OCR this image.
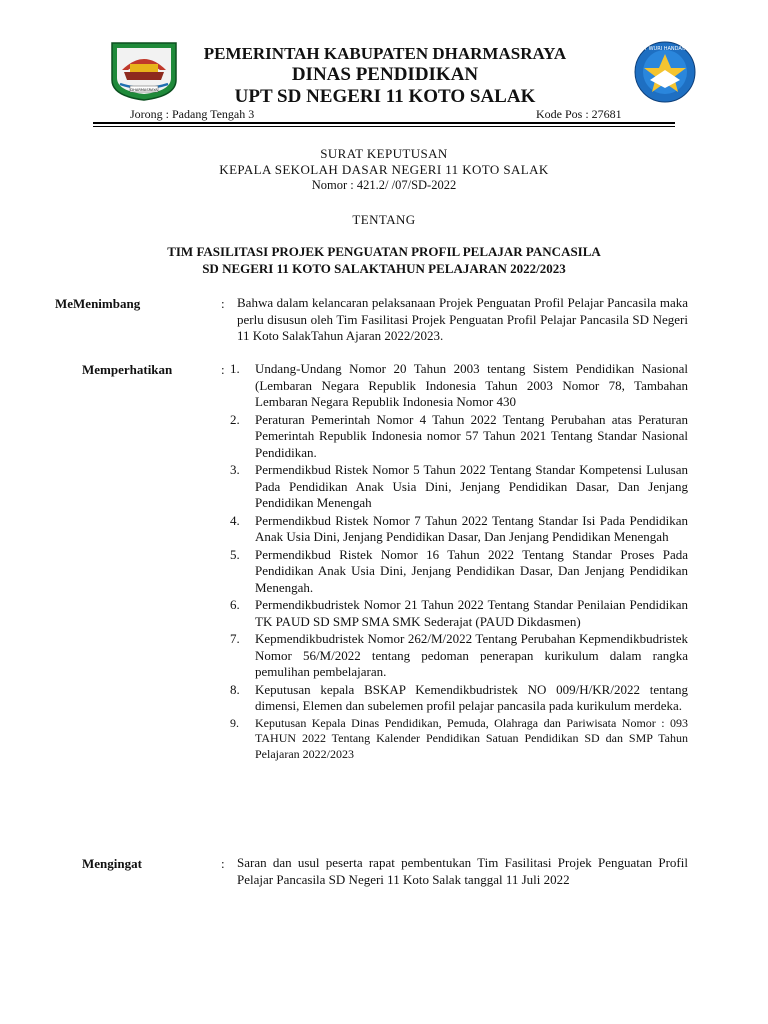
DHARMASRAYA
PEMERINTAH KABUPATEN DHARMASRAYA
DINAS PENDIDIKAN
UPT SD NEGERI 11 KOTO SALAK
TUT WURI HANDAYANI
Jorong : Padang Tengah 3	Kode Pos : 27681
SURAT KEPUTUSAN
KEPALA SEKOLAH DASAR NEGERI 11 KOTO SALAK
Nomor : 421.2/ /07/SD-2022
TENTANG
TIM FASILITASI PROJEK PENGUATAN PROFIL PELAJAR PANCASILA
SD NEGERI 11 KOTO SALAKTAHUN PELAJARAN 2022/2023
MeMenimbang	: Bahwa dalam kelancaran pelaksanaan Projek Penguatan Profil Pelajar Pancasila maka perlu disusun oleh Tim Fasilitasi Projek Penguatan Profil Pelajar Pancasila SD Negeri 11 Koto SalakTahun Ajaran 2022/2023.
Memperhatikan	: 1. Undang-Undang Nomor 20 Tahun 2003 tentang Sistem Pendidikan Nasional (Lembaran Negara Republik Indonesia Tahun 2003 Nomor 78, Tambahan Lembaran Negara Republik Indonesia Nomor 430
2. Peraturan Pemerintah Nomor 4 Tahun 2022 Tentang Perubahan atas Peraturan Pemerintah Republik Indonesia nomor 57 Tahun 2021 Tentang Standar Nasional Pendidikan.
3. Permendikbud Ristek Nomor 5 Tahun 2022 Tentang Standar Kompetensi Lulusan Pada Pendidikan Anak Usia Dini, Jenjang Pendidikan Dasar, Dan Jenjang Pendidikan Menengah
4. Permendikbud Ristek Nomor 7 Tahun 2022 Tentang Standar Isi Pada Pendidikan Anak Usia Dini, Jenjang Pendidikan Dasar, Dan Jenjang Pendidikan Menengah
5. Permendikbud Ristek Nomor 16 Tahun 2022 Tentang Standar Proses Pada Pendidikan Anak Usia Dini, Jenjang Pendidikan Dasar, Dan Jenjang Pendidikan Menengah.
6. Permendikbudristek Nomor 21 Tahun 2022 Tentang Standar Penilaian Pendidikan TK PAUD SD SMP SMA SMK Sederajat (PAUD Dikdasmen)
7. Kepmendikbudristek Nomor 262/M/2022 Tentang Perubahan Kepmendikbudristek Nomor 56/M/2022 tentang pedoman penerapan kurikulum dalam rangka pemulihan pembelajaran.
8. Keputusan kepala BSKAP Kemendikbudristek NO 009/H/KR/2022 tentang dimensi, Elemen dan subelemen profil pelajar pancasila pada kurikulum merdeka.
9. Keputusan Kepala Dinas Pendidikan, Pemuda, Olahraga dan Pariwisata Nomor : 093 TAHUN 2022 Tentang Kalender Pendidikan Satuan Pendidikan SD dan SMP Tahun Pelajaran 2022/2023
Mengingat	: Saran dan usul peserta rapat pembentukan Tim Fasilitasi Projek Penguatan Profil Pelajar Pancasila SD Negeri 11 Koto Salak tanggal 11 Juli 2022
